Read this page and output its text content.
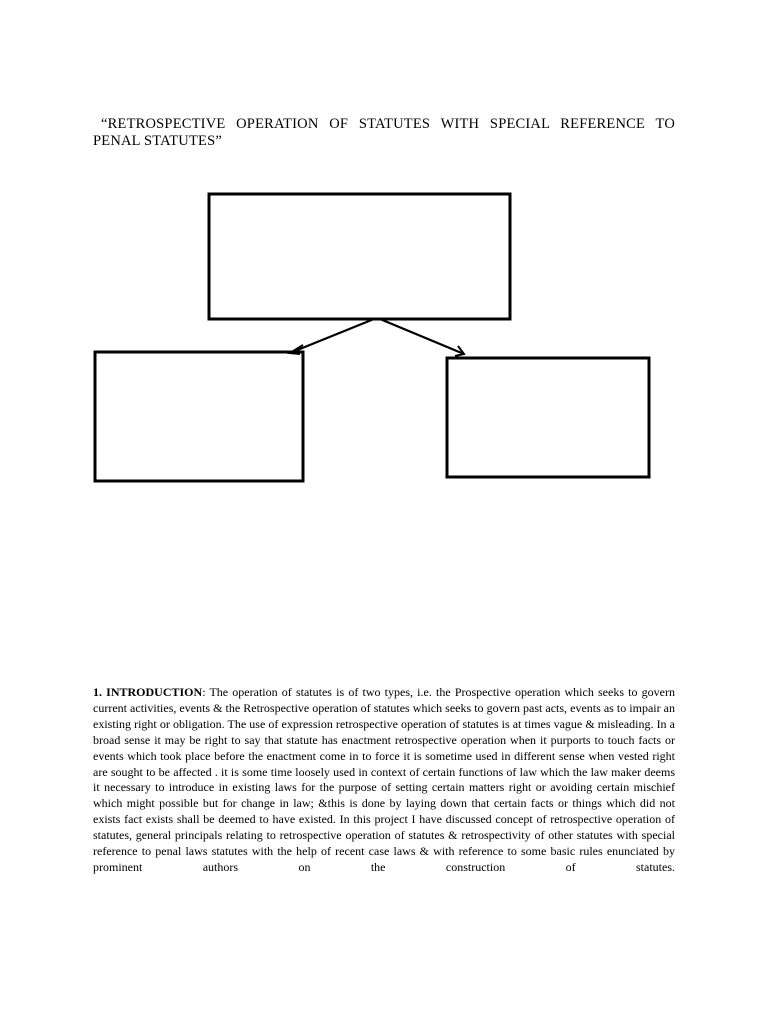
“RETROSPECTIVE OPERATION OF STATUTES WITH SPECIAL REFERENCE TO
PENAL STATUTES”
1. INTRODUCTION: The operation of statutes is of two types, i.e. the Prospective operation which seeks to govern current activities, events & the Retrospective operation of statutes which seeks to govern past acts, events as to impair an existing right or obligation. The use of expression retrospective operation of statutes is at times vague & misleading. In a broad sense it may be right to say that statute has enactment retrospective operation when it purports to touch facts or events which took place before the enactment come in to force it is sometime used in different sense when vested right are sought to be affected . it is some time loosely used in context of certain functions of law which the law maker deems it necessary to introduce in existing laws for the purpose of setting certain matters right or avoiding certain mischief which might possible but for change in law; &this is done by laying down that certain facts or things which did not exists fact exists shall be deemed to have existed. In this project I have discussed concept of retrospective operation of statutes, general principals relating to retrospective operation of statutes & retrospectivity of other statutes with special reference to penal laws statutes with the help of recent case laws & with reference to some basic rules enunciated by prominent authors on the construction of statutes.
